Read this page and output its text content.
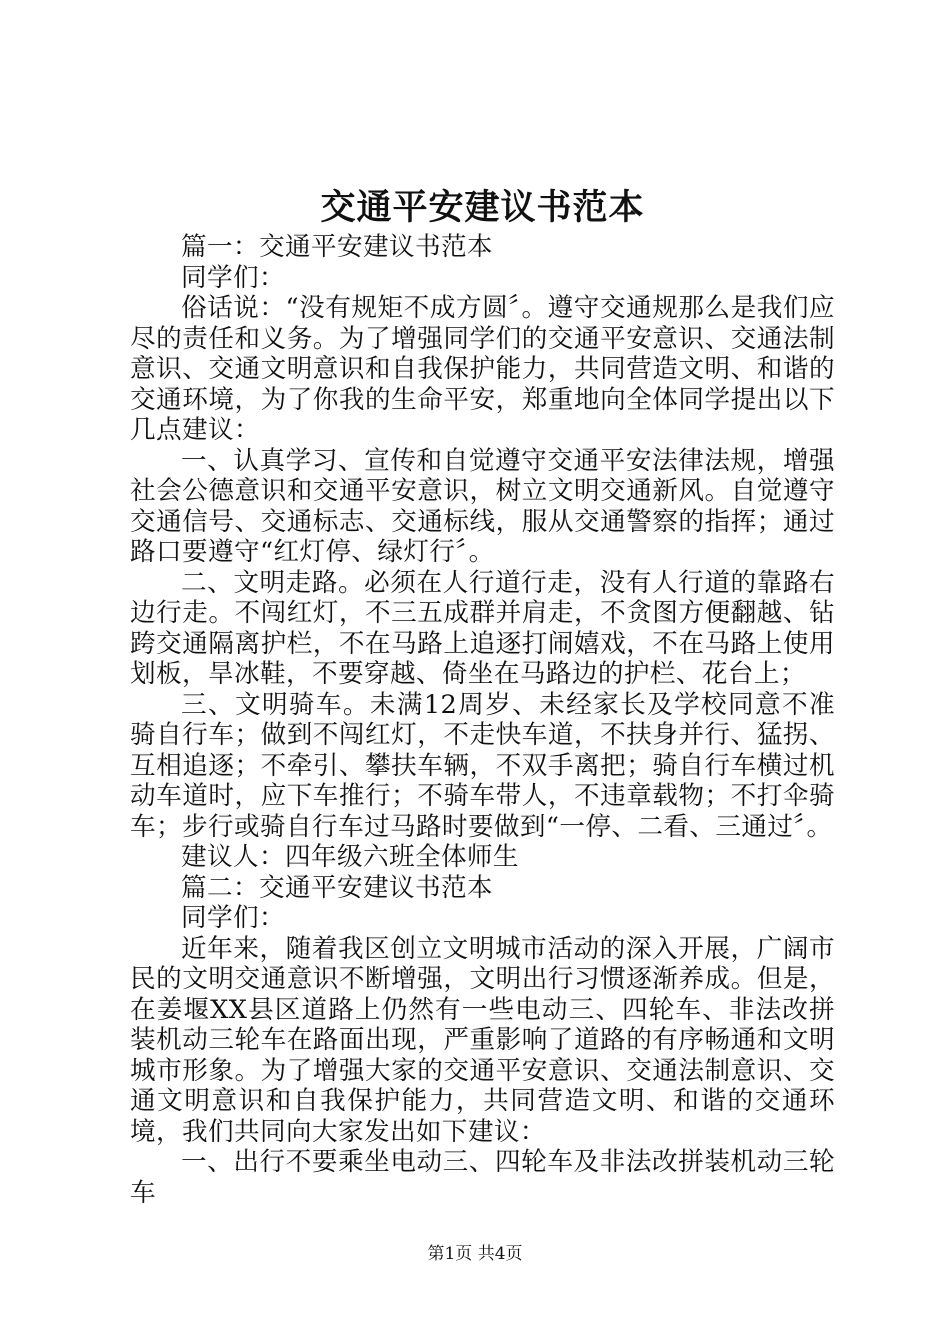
交通平安建议书范本

篇一：交通平安建议书范本

同学们：

俗话说：“没有规矩不成方圆〞。遵守交通规那么是我们应尽的责任和义务。为了增强同学们的交通平安意识、交通法制意识、交通文明意识和自我保护能力，共同营造文明、和谐的交通环境，为了你我的生命平安，郑重地向全体同学提出以下几点建议：

一、认真学习、宣传和自觉遵守交通平安法律法规，增强社会公德意识和交通平安意识，树立文明交通新风。自觉遵守交通信号、交通标志、交通标线，服从交通警察的指挥；通过路口要遵守“红灯停、绿灯行〞。

二、文明走路。必须在人行道行走，没有人行道的靠路右边行走。不闯红灯，不三五成群并肩走，不贪图方便翻越、钻跨交通隔离护栏，不在马路上追逐打闹嬉戏，不在马路上使用划板，旱冰鞋，不要穿越、倚坐在马路边的护栏、花台上；

三、文明骑车。未满12周岁、未经家长及学校同意不准骑自行车；做到不闯红灯，不走快车道，不扶身并行、猛拐、互相追逐；不牵引、攀扶车辆，不双手离把；骑自行车横过机动车道时，应下车推行；不骑车带人，不违章载物；不打伞骑车；步行或骑自行车过马路时要做到“一停、二看、三通过〞。

建议人：四年级六班全体师生

篇二：交通平安建议书范本

同学们：

近年来，随着我区创立文明城市活动的深入开展，广阔市民的文明交通意识不断增强，文明出行习惯逐渐养成。但是，在姜堰XX县区道路上仍然有一些电动三、四轮车、非法改拼装机动三轮车在路面出现，严重影响了道路的有序畅通和文明城市形象。为了增强大家的交通平安意识、交通法制意识、交通文明意识和自我保护能力，共同营造文明、和谐的交通环境，我们共同向大家发出如下建议：

一、出行不要乘坐电动三、四轮车及非法改拼装机动三轮车

第1页 共4页
